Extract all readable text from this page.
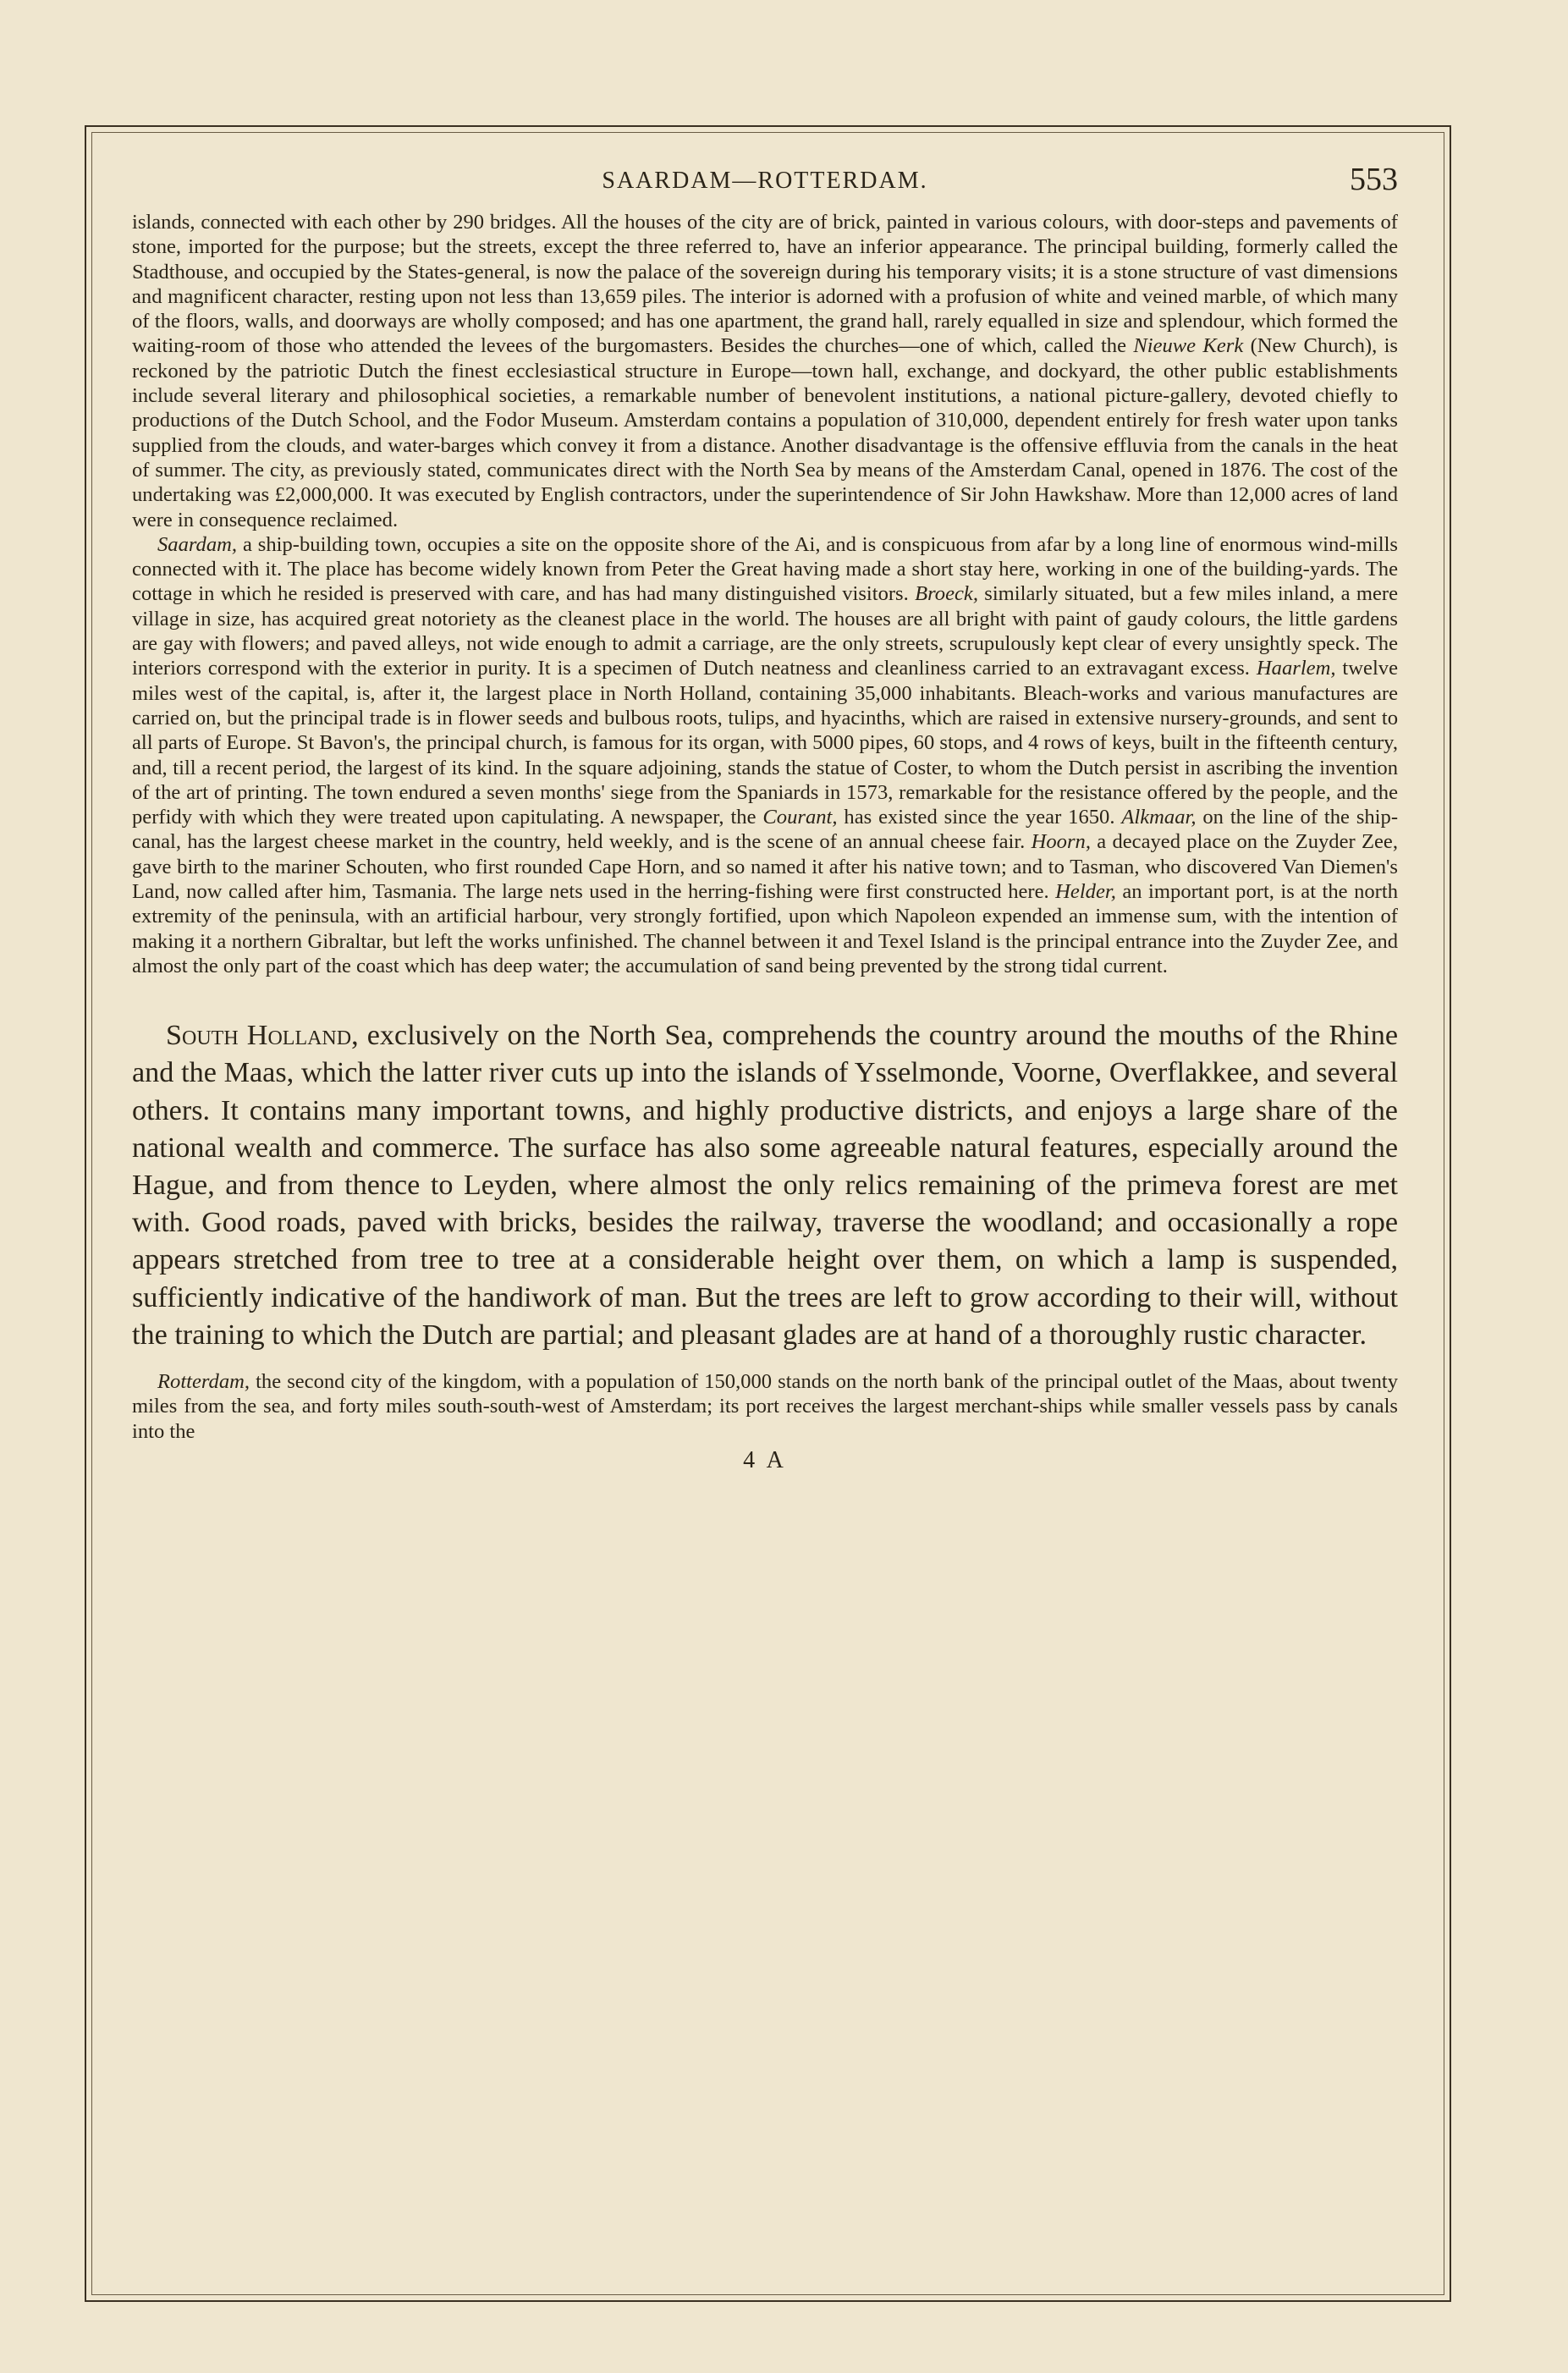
SAARDAM—ROTTERDAM.	553

islands, connected with each other by 290 bridges. All the houses of the city are of brick, painted in various colours, with door-steps and pavements of stone, imported for the purpose; but the streets, except the three referred to, have an inferior appearance. The principal building, formerly called the Stadthouse, and occupied by the States-general, is now the palace of the sovereign during his temporary visits; it is a stone structure of vast dimensions and magnificent character, resting upon not less than 13,659 piles. The interior is adorned with a profusion of white and veined marble, of which many of the floors, walls, and doorways are wholly composed; and has one apartment, the grand hall, rarely equalled in size and splendour, which formed the waiting-room of those who attended the levees of the burgomasters. Besides the churches—one of which, called the Nieuwe Kerk (New Church), is reckoned by the patriotic Dutch the finest ecclesiastical structure in Europe—town hall, exchange, and dockyard, the other public establishments include several literary and philosophical societies, a remarkable number of benevolent institutions, a national picture-gallery, devoted chiefly to productions of the Dutch School, and the Fodor Museum. Amsterdam contains a population of 310,000, dependent entirely for fresh water upon tanks supplied from the clouds, and water-barges which convey it from a distance. Another disadvantage is the offensive effluvia from the canals in the heat of summer. The city, as previously stated, communicates direct with the North Sea by means of the Amsterdam Canal, opened in 1876. The cost of the undertaking was £2,000,000. It was executed by English contractors, under the superintendence of Sir John Hawkshaw. More than 12,000 acres of land were in consequence reclaimed.

Saardam, a ship-building town, occupies a site on the opposite shore of the Ai, and is conspicuous from afar by a long line of enormous wind-mills connected with it. The place has become widely known from Peter the Great having made a short stay here, working in one of the building-yards. The cottage in which he resided is preserved with care, and has had many distinguished visitors. Broeck, similarly situated, but a few miles inland, a mere village in size, has acquired great notoriety as the cleanest place in the world. The houses are all bright with paint of gaudy colours, the little gardens are gay with flowers; and paved alleys, not wide enough to admit a carriage, are the only streets, scrupulously kept clear of every unsightly speck. The interiors correspond with the exterior in purity. It is a specimen of Dutch neatness and cleanliness carried to an extravagant excess. Haarlem, twelve miles west of the capital, is, after it, the largest place in North Holland, containing 35,000 inhabitants. Bleach-works and various manufactures are carried on, but the principal trade is in flower seeds and bulbous roots, tulips, and hyacinths, which are raised in extensive nursery-grounds, and sent to all parts of Europe. St Bavon's, the principal church, is famous for its organ, with 5000 pipes, 60 stops, and 4 rows of keys, built in the fifteenth century, and, till a recent period, the largest of its kind. In the square adjoining, stands the statue of Coster, to whom the Dutch persist in ascribing the invention of the art of printing. The town endured a seven months' siege from the Spaniards in 1573, remarkable for the resistance offered by the people, and the perfidy with which they were treated upon capitulating. A newspaper, the Courant, has existed since the year 1650. Alkmaar, on the line of the ship-canal, has the largest cheese market in the country, held weekly, and is the scene of an annual cheese fair. Hoorn, a decayed place on the Zuyder Zee, gave birth to the mariner Schouten, who first rounded Cape Horn, and so named it after his native town; and to Tasman, who discovered Van Diemen's Land, now called after him, Tasmania. The large nets used in the herring-fishing were first constructed here. Helder, an important port, is at the north extremity of the peninsula, with an artificial harbour, very strongly fortified, upon which Napoleon expended an immense sum, with the intention of making it a northern Gibraltar, but left the works unfinished. The channel between it and Texel Island is the principal entrance into the Zuyder Zee, and almost the only part of the coast which has deep water; the accumulation of sand being prevented by the strong tidal current.

South Holland, exclusively on the North Sea, comprehends the country around the mouths of the Rhine and the Maas, which the latter river cuts up into the islands of Ysselmonde, Voorne, Overflakkee, and several others. It contains many important towns, and highly productive districts, and enjoys a large share of the national wealth and commerce. The surface has also some agreeable natural features, especially around the Hague, and from thence to Leyden, where almost the only relics remaining of the primeva forest are met with. Good roads, paved with bricks, besides the railway, traverse the woodland; and occasionally a rope appears stretched from tree to tree at a considerable height over them, on which a lamp is suspended, sufficiently indicative of the handiwork of man. But the trees are left to grow according to their will, without the training to which the Dutch are partial; and pleasant glades are at hand of a thoroughly rustic character.

Rotterdam, the second city of the kingdom, with a population of 150,000 stands on the north bank of the principal outlet of the Maas, about twenty miles from the sea, and forty miles south-south-west of Amsterdam; its port receives the largest merchant-ships while smaller vessels pass by canals into the

4 A
